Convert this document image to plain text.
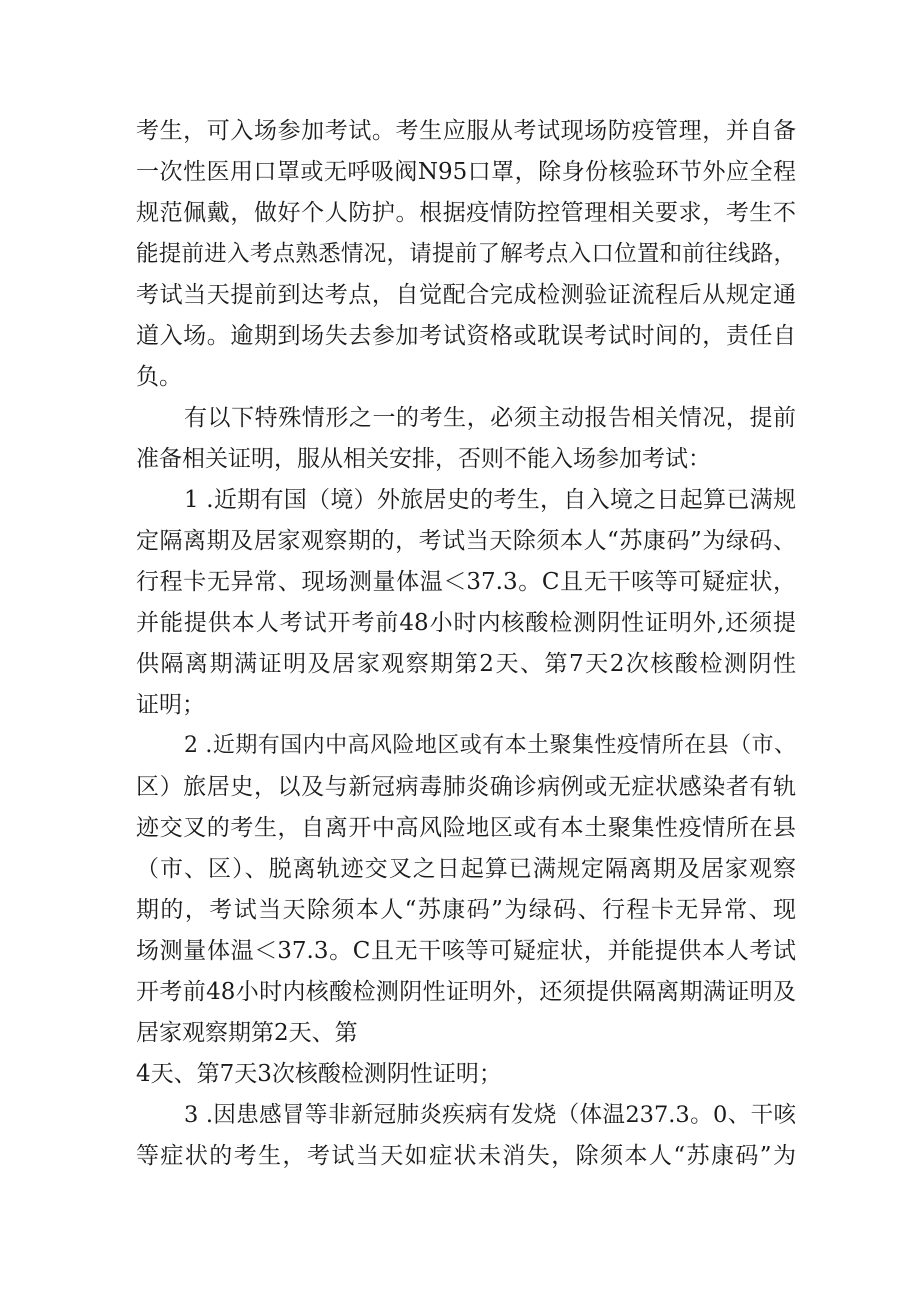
考生，可入场参加考试。考生应服从考试现场防疫管理，并自备
一次性医用口罩或无呼吸阀N95口罩，除身份核验环节外应全程
规范佩戴，做好个人防护。根据疫情防控管理相关要求，考生不
能提前进入考点熟悉情况，请提前了解考点入口位置和前往线路，
考试当天提前到达考点，自觉配合完成检测验证流程后从规定通
道入场。逾期到场失去参加考试资格或耽误考试时间的，责任自
负。
有以下特殊情形之一的考生，必须主动报告相关情况，提前
准备相关证明，服从相关安排，否则不能入场参加考试：
1 .近期有国（境）外旅居史的考生，自入境之日起算已满规
定隔离期及居家观察期的，考试当天除须本人“苏康码”为绿码、
行程卡无异常、现场测量体温＜37.3。C且无干咳等可疑症状，
并能提供本人考试开考前48小时内核酸检测阴性证明外,还须提
供隔离期满证明及居家观察期第2天、第7天2次核酸检测阴性
证明；
2 .近期有国内中高风险地区或有本土聚集性疫情所在县（市、
区）旅居史，以及与新冠病毒肺炎确诊病例或无症状感染者有轨
迹交叉的考生，自离开中高风险地区或有本土聚集性疫情所在县
（市、区）、脱离轨迹交叉之日起算已满规定隔离期及居家观察
期的，考试当天除须本人“苏康码”为绿码、行程卡无异常、现
场测量体温＜37.3。C且无干咳等可疑症状，并能提供本人考试
开考前48小时内核酸检测阴性证明外，还须提供隔离期满证明及
居家观察期第2天、第
4天、第7天3次核酸检测阴性证明；
3 .因患感冒等非新冠肺炎疾病有发烧（体温237.3。0、干咳
等症状的考生，考试当天如症状未消失，除须本人“苏康码”为
